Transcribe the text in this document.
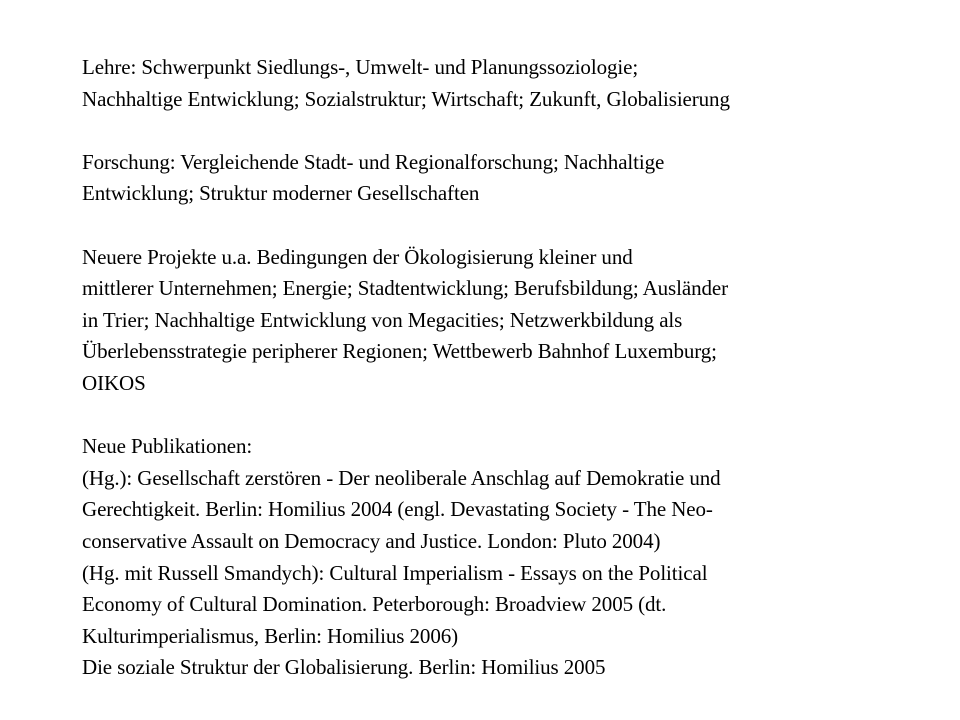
Lehre: Schwerpunkt Siedlungs-, Umwelt- und Planungssoziologie;
Nachhaltige Entwicklung; Sozialstruktur; Wirtschaft; Zukunft, Globalisierung
Forschung: Vergleichende Stadt- und Regionalforschung; Nachhaltige
Entwicklung; Struktur moderner Gesellschaften
Neuere Projekte u.a. Bedingungen der Ökologisierung kleiner und
mittlerer Unternehmen; Energie; Stadtentwicklung; Berufsbildung; Ausländer
in Trier; Nachhaltige Entwicklung von Megacities; Netzwerkbildung als
Überlebensstrategie peripherer Regionen; Wettbewerb Bahnhof Luxemburg;
OIKOS
Neue Publikationen:
(Hg.): Gesellschaft zerstören - Der neoliberale Anschlag auf Demokratie und
Gerechtigkeit. Berlin: Homilius 2004 (engl. Devastating Society - The Neo-
conservative Assault on Democracy and Justice. London: Pluto 2004)
(Hg. mit Russell Smandych): Cultural Imperialism - Essays on the Political
Economy of Cultural Domination. Peterborough: Broadview 2005 (dt.
Kulturimperialismus, Berlin: Homilius 2006)
Die soziale Struktur der Globalisierung. Berlin: Homilius 2005
